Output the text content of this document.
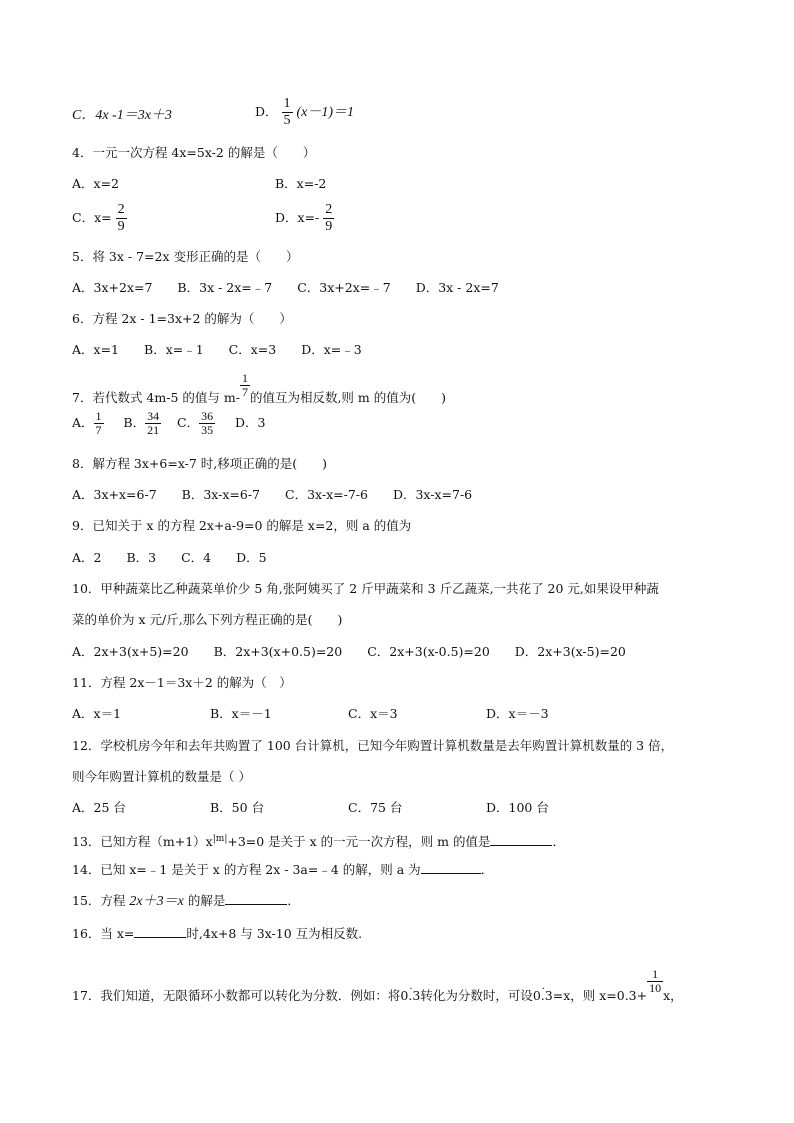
C．4x -1＝3x＋3	D． $\frac{1}{5} (x-1)=1$
4．一元一次方程 4x=5x-2 的解是（　　）
A．x=2	B．x=-2
C．$x= \frac{2}{9}$	D．$x=- \frac{2}{9}$
5．将 3x - 7=2x 变形正确的是（　　）
A．3x+2x=7　　B．3x - 2x=﹣7　　C．3x+2x=﹣7　　D．3x - 2x=7
6．方程 2x - 1=3x+2 的解为（　　）
A．x=1　　B．x=﹣1　　C．x=3　　D．x=﹣3
7．若代数式 4m-5 的值与 $m- \frac{1}{7}$ 的值互为相反数,则 m 的值为(　　)
A． $\frac{1}{7}$ B． $\frac{34}{21}$ C． $\frac{36}{35}$ D．3
8．解方程 3x+6=x-7 时,移项正确的是(　　)
A．3x+x=6-7　　B．3x-x=6-7　　C．3x-x=-7-6　　D．3x-x=7-6
9．已知关于 x 的方程 2x+a-9=0 的解是 x=2，则 a 的值为
A．2　　B．3　　C．4　　D．5
10．甲种蔬菜比乙种蔬菜单价少 5 角,张阿姨买了 2 斤甲蔬菜和 3 斤乙蔬菜,一共花了 20 元,如果设甲种蔬
菜的单价为 x 元/斤,那么下列方程正确的是(　　)
A．2x+3(x+5)=20　　B．2x+3(x+0.5)=20　　C．2x+3(x-0.5)=20　　D．2x+3(x-5)=20
11．方程 2x－1＝3x＋2 的解为（　）
A．x＝1	B．x＝－1	C．x＝3	D．x＝－3
12．学校机房今年和去年共购置了 100 台计算机，已知今年购置计算机数量是去年购置计算机数量的 3 倍，
则今年购置计算机的数量是（ ）
A．25 台	B．50 台	C．75 台	D．100 台
13．已知方程$(m+1)x^{|m|}+3=0$ 是关于 x 的一元一次方程，则 m 的值是	．
14．已知 x=﹣1 是关于 x 的方程 2x - 3a=﹣4 的解，则 a 为	．
15．方程 2x＋3＝x 的解是	．
16．当 x=	时,4x+8 与 3x-10 互为相反数.
17．我们知道，无限循环小数都可以转化为分数．例如：将. 0.3转化为分数时，可设. 0.3=x，则 x=0.3+
$\frac{1}{10}$
x，
